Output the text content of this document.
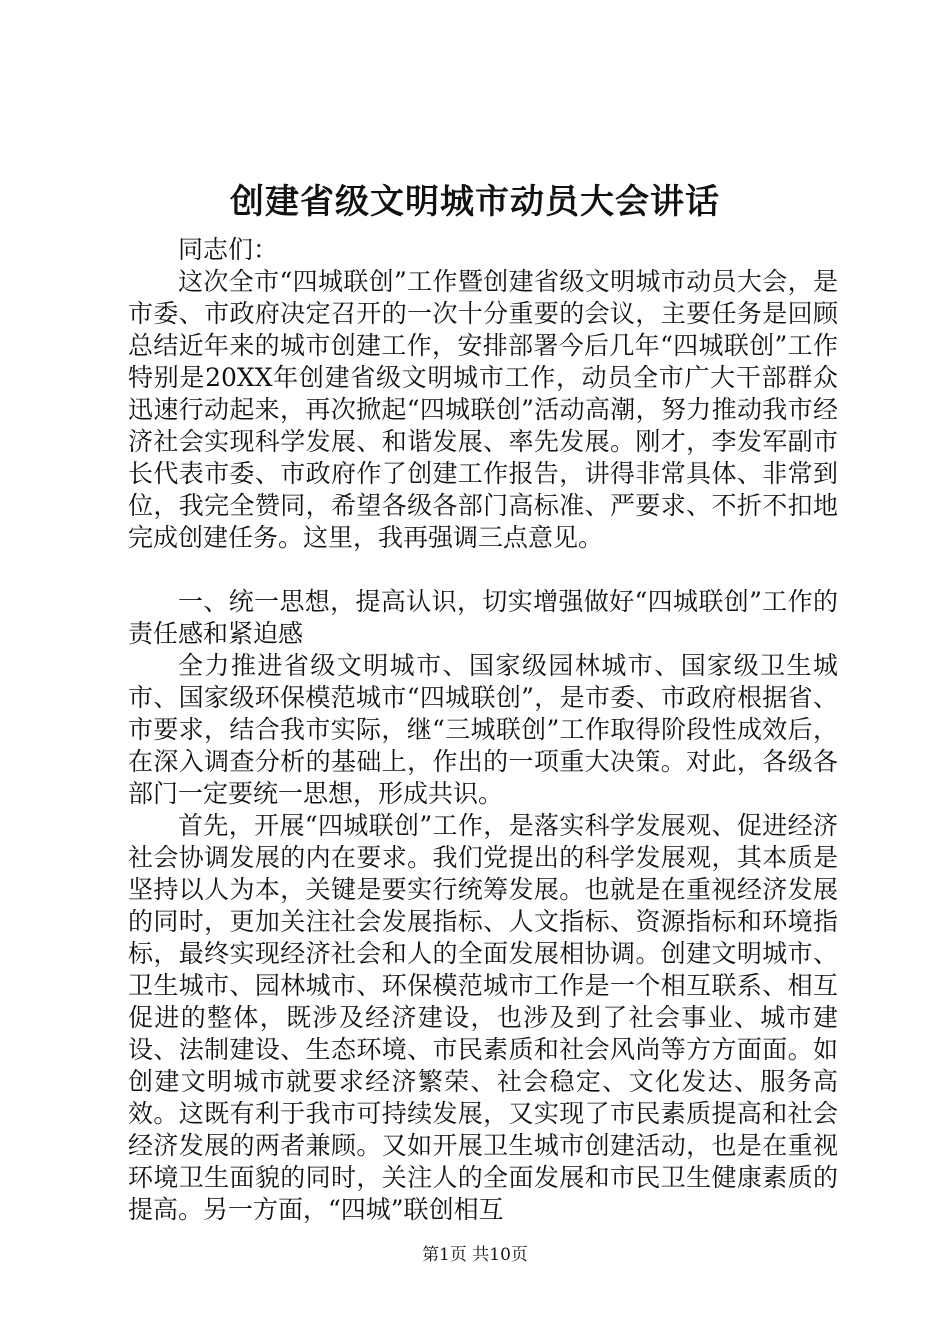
创建省级文明城市动员大会讲话

同志们：

这次全市“四城联创”工作暨创建省级文明城市动员大会，是市委、市政府决定召开的一次十分重要的会议，主要任务是回顾总结近年来的城市创建工作，安排部署今后几年“四城联创”工作特别是20XX年创建省级文明城市工作，动员全市广大干部群众迅速行动起来，再次掀起“四城联创”活动高潮，努力推动我市经济社会实现科学发展、和谐发展、率先发展。刚才，李发军副市长代表市委、市政府作了创建工作报告，讲得非常具体、非常到位，我完全赞同，希望各级各部门高标准、严要求、不折不扣地完成创建任务。这里，我再强调三点意见。

一、统一思想，提高认识，切实增强做好“四城联创”工作的责任感和紧迫感

全力推进省级文明城市、国家级园林城市、国家级卫生城市、国家级环保模范城市“四城联创”，是市委、市政府根据省、市要求，结合我市实际，继“三城联创”工作取得阶段性成效后，在深入调查分析的基础上，作出的一项重大决策。对此，各级各部门一定要统一思想，形成共识。

首先，开展“四城联创”工作，是落实科学发展观、促进经济社会协调发展的内在要求。我们党提出的科学发展观，其本质是坚持以人为本，关键是要实行统筹发展。也就是在重视经济发展的同时，更加关注社会发展指标、人文指标、资源指标和环境指标，最终实现经济社会和人的全面发展相协调。创建文明城市、卫生城市、园林城市、环保模范城市工作是一个相互联系、相互促进的整体，既涉及经济建设，也涉及到了社会事业、城市建设、法制建设、生态环境、市民素质和社会风尚等方方面面。如创建文明城市就要求经济繁荣、社会稳定、文化发达、服务高效。这既有利于我市可持续发展，又实现了市民素质提高和社会经济发展的两者兼顾。又如开展卫生城市创建活动，也是在重视环境卫生面貌的同时，关注人的全面发展和市民卫生健康素质的提高。另一方面，“四城”联创相互

第1页 共10页
